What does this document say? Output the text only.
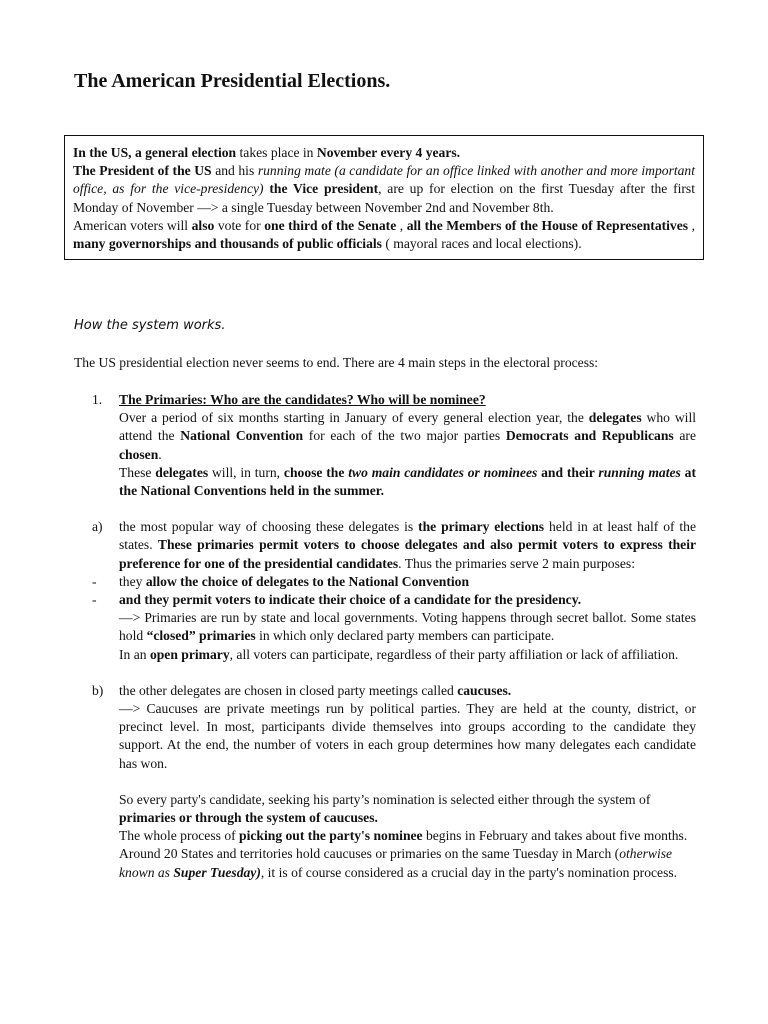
The American Presidential Elections.

In the US, a general election takes place in November every 4 years.

The President of the US and his running mate (a candidate for an office linked with another and more important office, as for the vice-presidency) the Vice president, are up for election on the first Tuesday after the first Monday of November —> a single Tuesday between November 2nd and November 8th.

American voters will also vote for one third of the Senate , all the Members of the House of Representatives , many governorships and thousands of public officials ( mayoral races and local elections).

How the system works.

The US presidential election never seems to end. There are 4 main steps in the electoral process:

1.	The Primaries: Who are the candidates? Who will be nominee?

Over a period of six months starting in January of every general election year, the delegates who will attend the National Convention for each of the two major parties Democrats and Republicans are chosen.

These delegates will, in turn, choose the two main candidates or nominees and their running mates at the National Conventions held in the summer.

a)	the most popular way of choosing these delegates is the primary elections held in at least half of the states. These primaries permit voters to choose delegates and also permit voters to express their preference for one of the presidential candidates. Thus the primaries serve 2 main purposes:

-	they allow the choice of delegates to the National Convention

-	and they permit voters to indicate their choice of a candidate for the presidency.

—> Primaries are run by state and local governments. Voting happens through secret ballot. Some states hold “closed” primaries in which only declared party members can participate.

In an open primary, all voters can participate, regardless of their party affiliation or lack of affiliation.

b)	the other delegates are chosen in closed party meetings called caucuses.

—> Caucuses are private meetings run by political parties. They are held at the county, district, or precinct level. In most, participants divide themselves into groups according to the candidate they support. At the end, the number of voters in each group determines how many delegates each candidate has won.

So every party's candidate, seeking his party’s nomination is selected either through the system of primaries or through the system of caucuses.

The whole process of picking out the party's nominee begins in February and takes about five months.

Around 20 States and territories hold caucuses or primaries on the same Tuesday in March (otherwise known as Super Tuesday), it is of course considered as a crucial day in the party's nomination process.
